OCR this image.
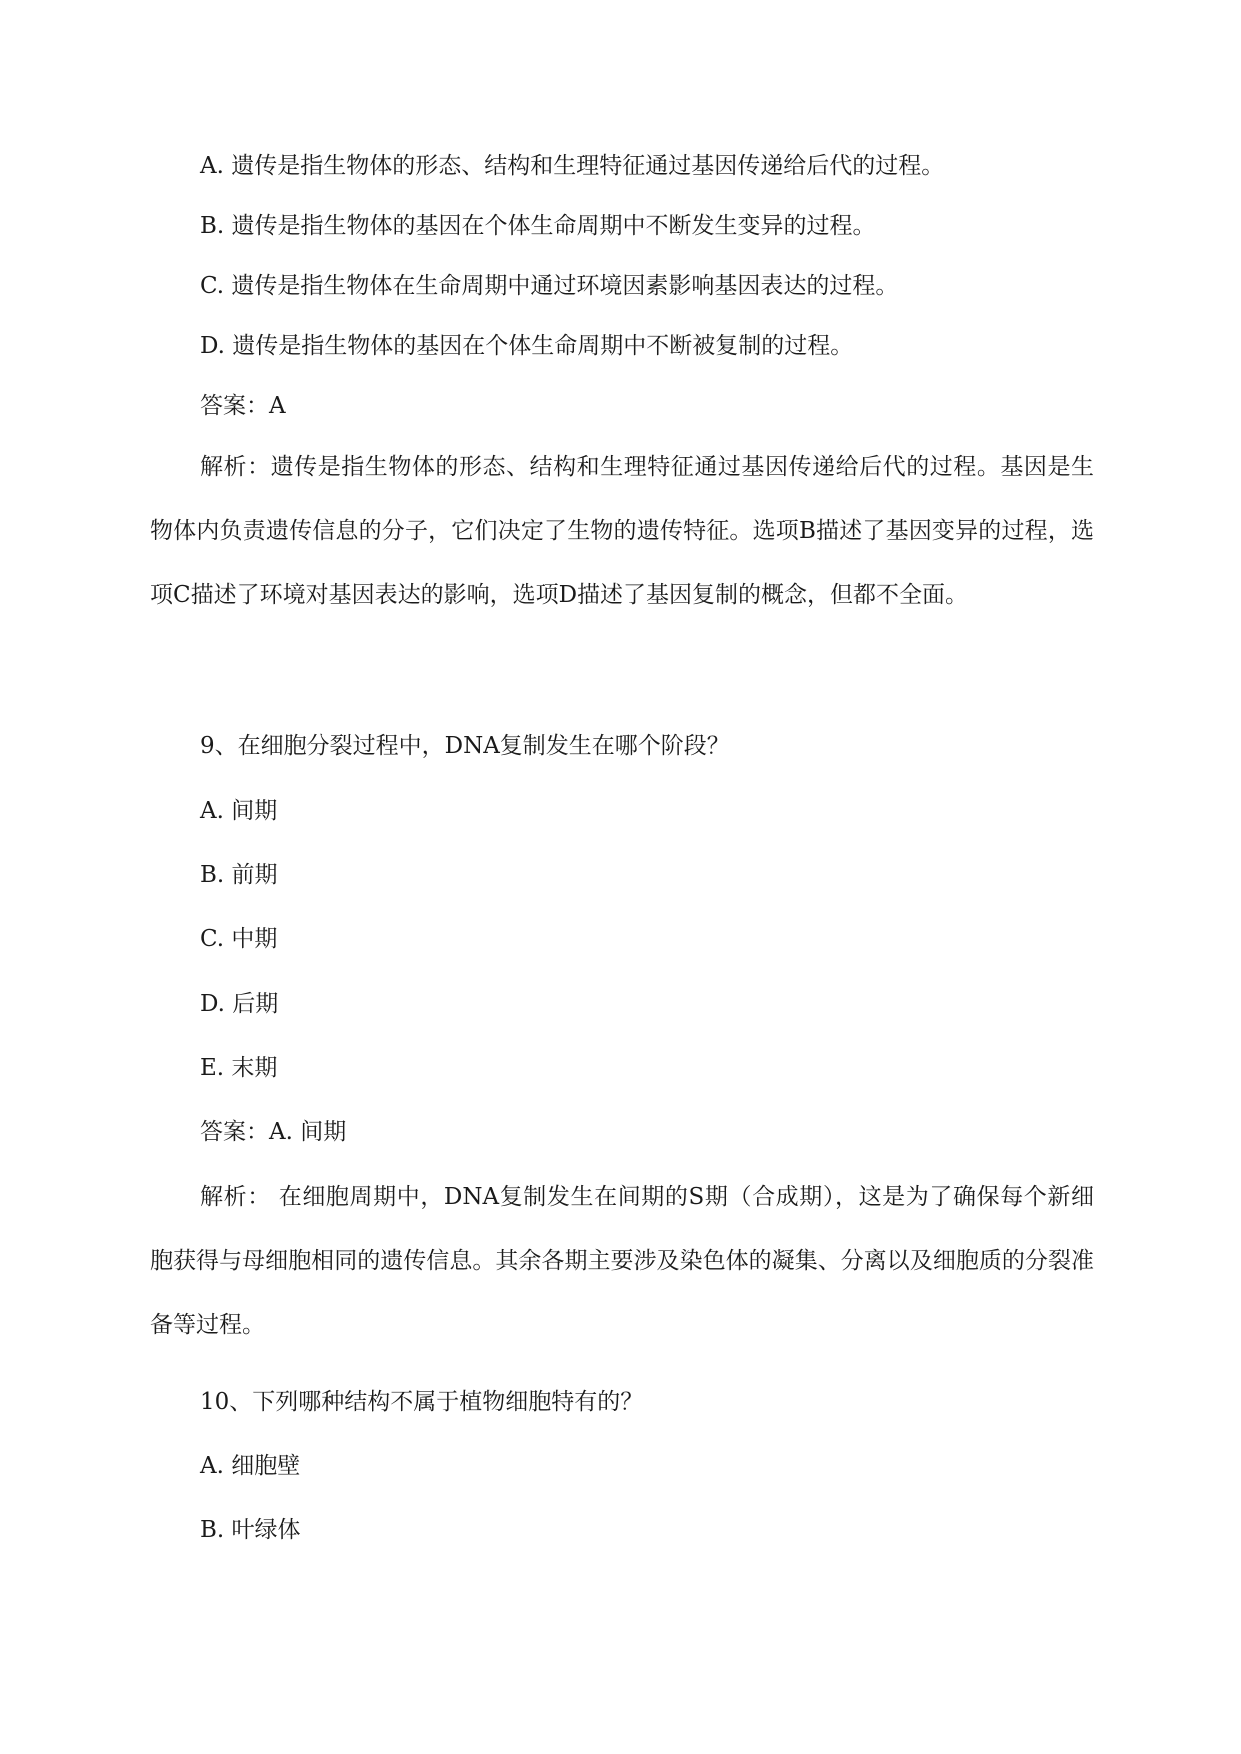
A. 遗传是指生物体的形态、结构和生理特征通过基因传递给后代的过程。
B. 遗传是指生物体的基因在个体生命周期中不断发生变异的过程。
C. 遗传是指生物体在生命周期中通过环境因素影响基因表达的过程。
D. 遗传是指生物体的基因在个体生命周期中不断被复制的过程。
答案：A
解析：遗传是指生物体的形态、结构和生理特征通过基因传递给后代的过程。基因是生物体内负责遗传信息的分子，它们决定了生物的遗传特征。选项B描述了基因变异的过程，选项C描述了环境对基因表达的影响，选项D描述了基因复制的概念，但都不全面。
9、在细胞分裂过程中，DNA复制发生在哪个阶段？
A. 间期
B. 前期
C. 中期
D. 后期
E. 末期
答案：A. 间期
解析： 在细胞周期中，DNA复制发生在间期的S期（合成期），这是为了确保每个新细胞获得与母细胞相同的遗传信息。其余各期主要涉及染色体的凝集、分离以及细胞质的分裂准备等过程。
10、下列哪种结构不属于植物细胞特有的？
A. 细胞壁
B. 叶绿体
